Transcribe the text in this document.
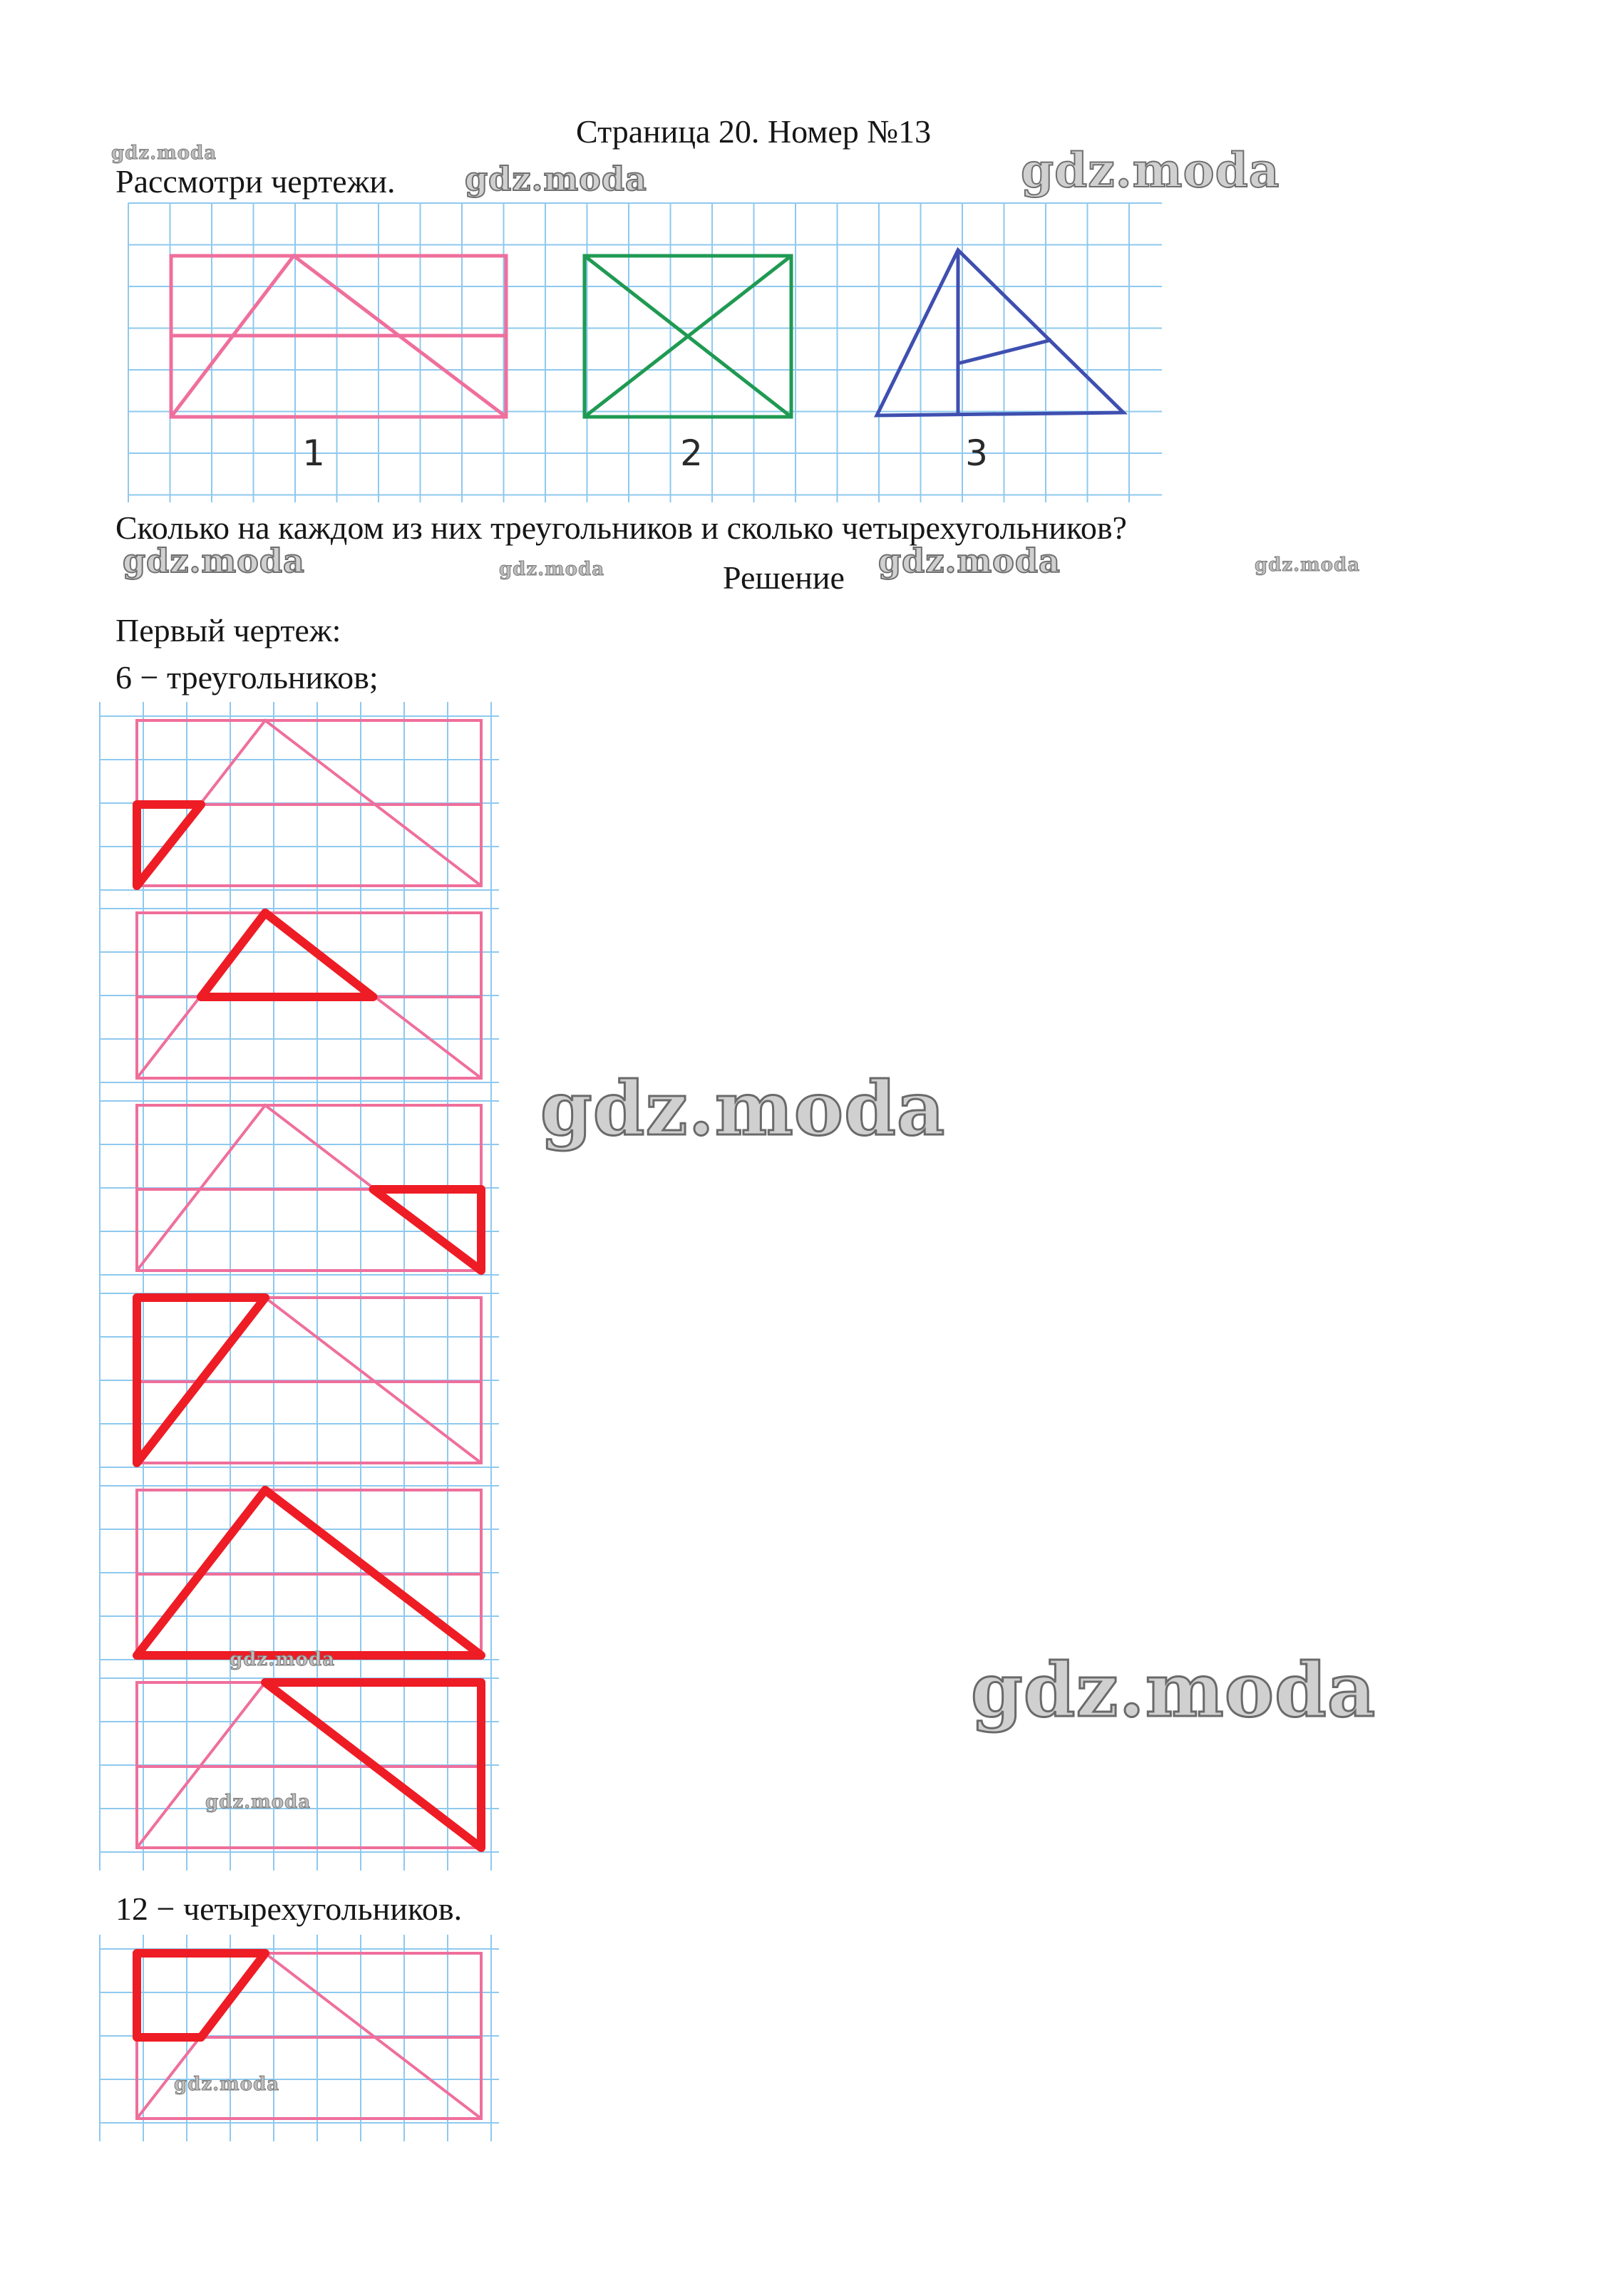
Страница 20. Номер №13
Рассмотри чертежи.
gdz.moda
gdz.moda	gdz.moda
1	2	3
Сколько на каждом из них треугольников и сколько четырехугольников?
gdz.moda	gdz.moda	Решение gdz.moda	gdz.moda
Первый чертеж:
6 − треугольников;
gdz.moda
gdz.moda	gdz.moda
gdz.moda
12 − четырехугольников.
gdz.moda
